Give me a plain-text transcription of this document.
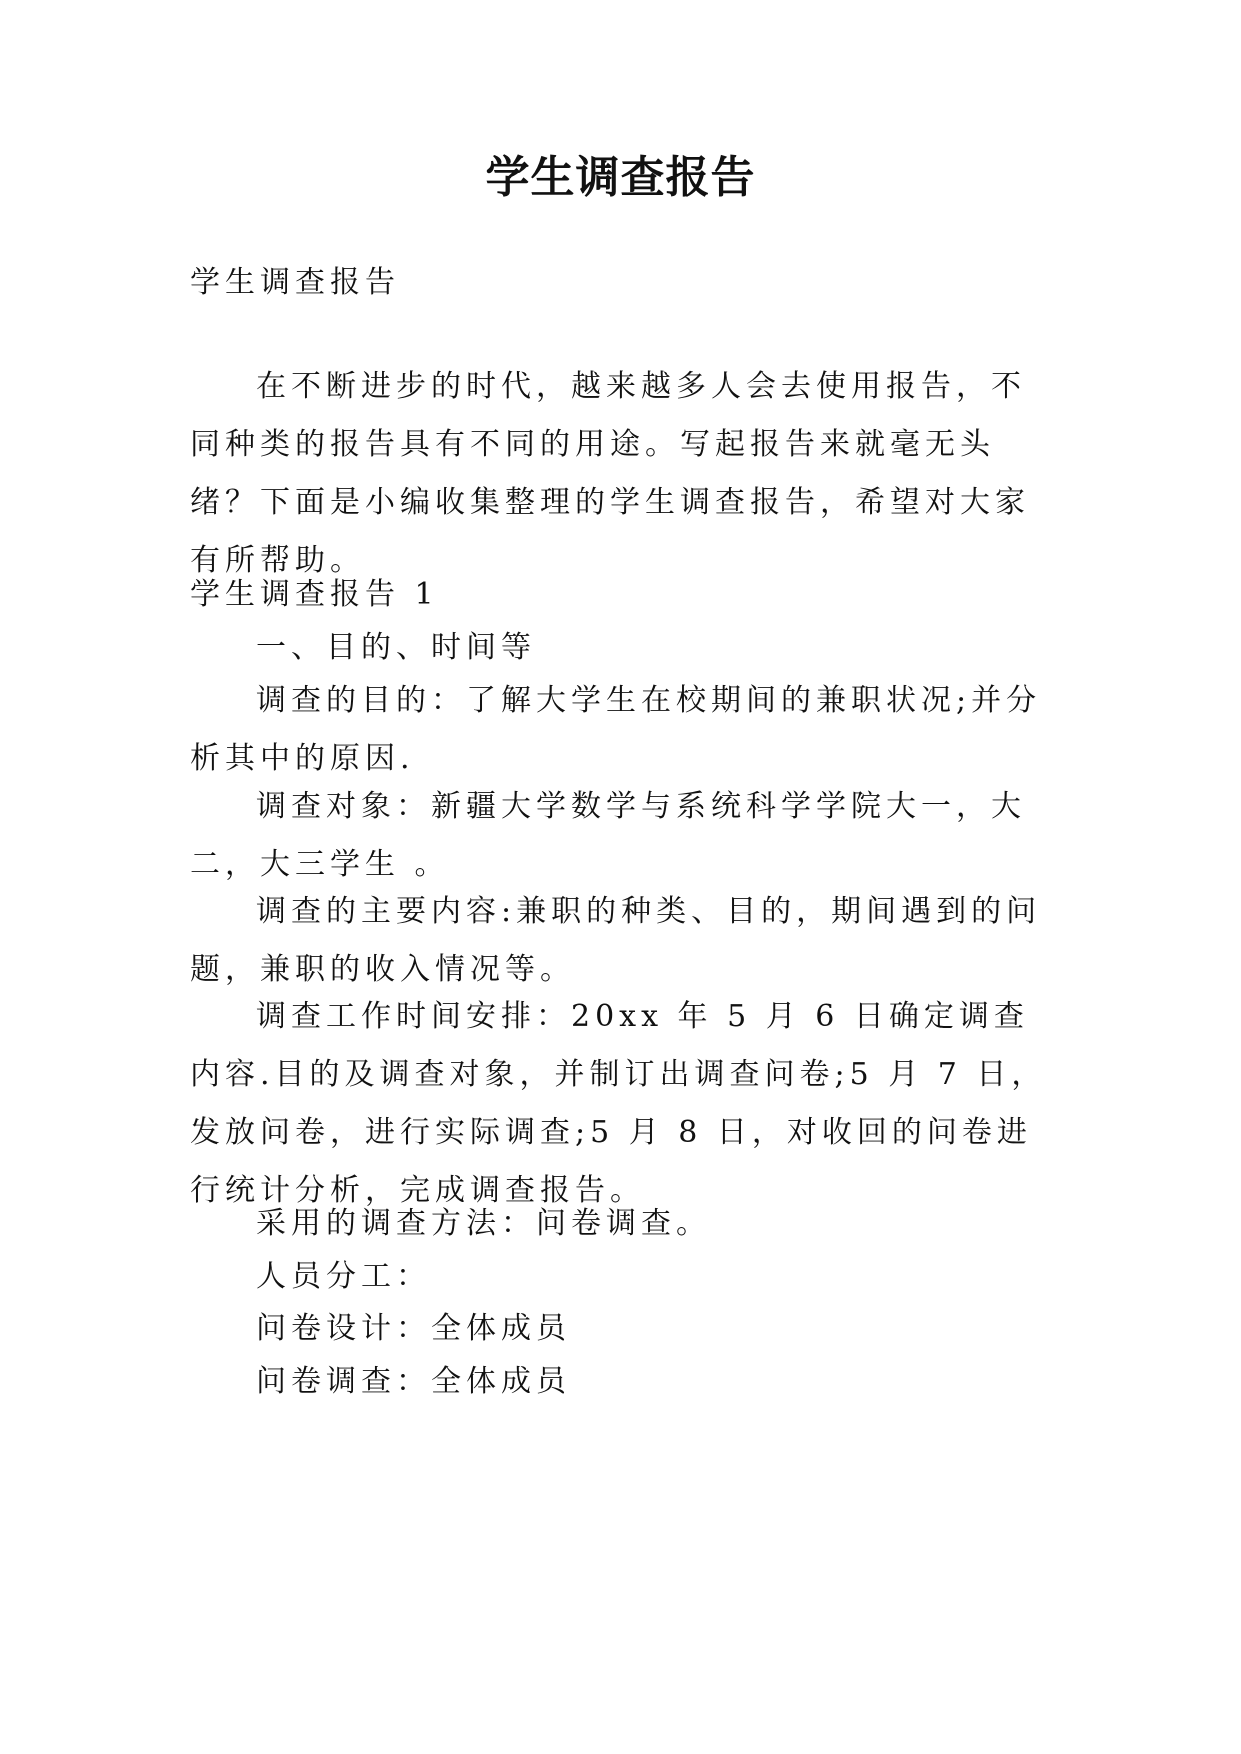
学生调查报告

学生调查报告

在不断进步的时代，越来越多人会去使用报告，不同种类的报告具有不同的用途。写起报告来就毫无头绪？下面是小编收集整理的学生调查报告，希望对大家有所帮助。

学生调查报告 1

一、目的、时间等

调查的目的：了解大学生在校期间的兼职状况;并分析其中的原因.

调查对象：新疆大学数学与系统科学学院大一，大二，大三学生 。

调查的主要内容:兼职的种类、目的，期间遇到的问题，兼职的收入情况等。

调查工作时间安排：20xx 年 5 月 6 日确定调查内容.目的及调查对象，并制订出调查问卷;5 月 7 日，发放问卷，进行实际调查;5 月 8 日，对收回的问卷进行统计分析，完成调查报告。

采用的调查方法：问卷调查。

人员分工：

问卷设计：全体成员

问卷调查：全体成员
